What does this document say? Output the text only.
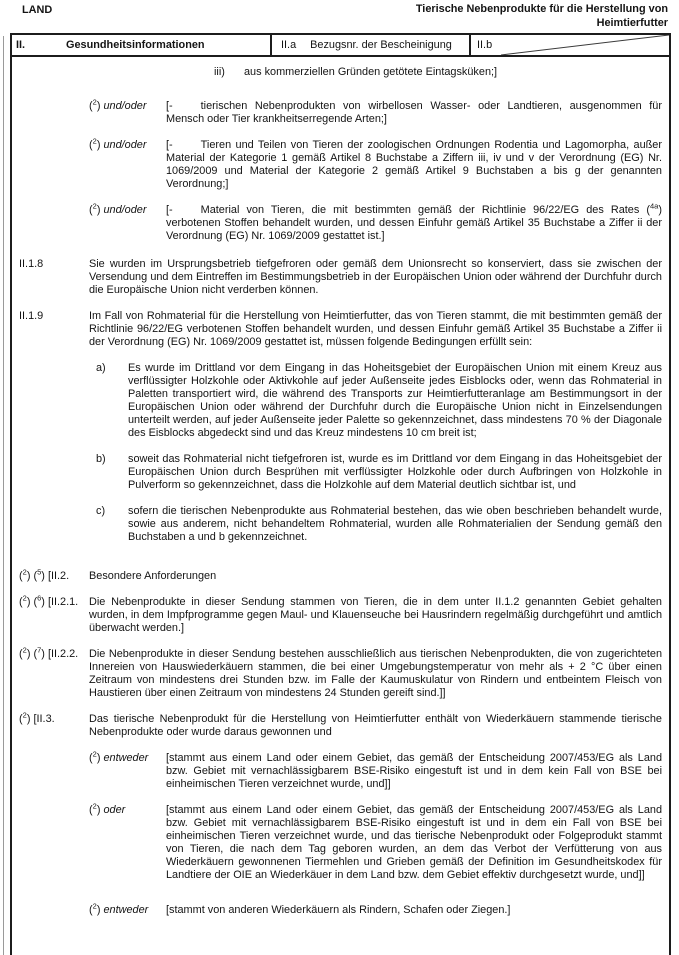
LAND	Tierische Nebenprodukte für die Herstellung von
Heimtierfutter
II.	Gesundheitsinformationen	II.a Bezugsnr. der Bescheinigung II.b
iii)	aus kommerziellen Gründen getötete Eintagsküken;]
($^2$) und/oder	[-	tierischen Nebenprodukten von wirbellosen Wasser- oder Landtieren, ausgenommen für Mensch oder Tier krankheitserregende Arten;]
($^2$) und/oder	[-	Tieren und Teilen von Tieren der zoologischen Ordnungen Rodentia und Lagomorpha, außer Material der Kategorie 1 gemäß Artikel 8 Buchstabe a Ziffern iii, iv und v der Verordnung (EG) Nr. 1069/2009 und Material der Kategorie 2 gemäß Artikel 9 Buchstaben a bis g der genannten Verordnung;]
($^2$) und/oder	[-	Material von Tieren, die mit bestimmten gemäß der Richtlinie 96/22/EG des Rates ($^{4a}$) verbotenen Stoffen behandelt wurden, und dessen Einfuhr gemäß Artikel 35 Buchstabe a Ziffer ii der Verordnung (EG) Nr. 1069/2009 gestattet ist.]
II.1.8	Sie wurden im Ursprungsbetrieb tiefgefroren oder gemäß dem Unionsrecht so konserviert, dass sie zwischen der Versendung und dem Eintreffen im Bestimmungsbetrieb in der Europäischen Union oder während der Durchfuhr durch die Europäische Union nicht verderben können.
II.1.9	Im Fall von Rohmaterial für die Herstellung von Heimtierfutter, das von Tieren stammt, die mit bestimmten gemäß der Richtlinie 96/22/EG verbotenen Stoffen behandelt wurden, und dessen Einfuhr gemäß Artikel 35 Buchstabe a Ziffer ii der Verordnung (EG) Nr. 1069/2009 gestattet ist, müssen folgende Bedingungen erfüllt sein:
a)	Es wurde im Drittland vor dem Eingang in das Hoheitsgebiet der Europäischen Union mit einem Kreuz aus verflüssigter Holzkohle oder Aktivkohle auf jeder Außenseite jedes Eisblocks oder, wenn das Rohmaterial in Paletten transportiert wird, die während des Transports zur Heimtierfutteranlage am Bestimmungsort in der Europäischen Union oder während der Durchfuhr durch die Europäische Union nicht in Einzelsendungen unterteilt werden, auf jeder Außenseite jeder Palette so gekennzeichnet, dass mindestens 70 % der Diagonale des Eisblocks abgedeckt sind und das Kreuz mindestens 10 cm breit ist;
b)	soweit das Rohmaterial nicht tiefgefroren ist, wurde es im Drittland vor dem Eingang in das Hoheitsgebiet der Europäischen Union durch Besprühen mit verflüssigter Holzkohle oder durch Aufbringen von Holzkohle in Pulverform so gekennzeichnet, dass die Holzkohle auf dem Material deutlich sichtbar ist, und
c)	sofern die tierischen Nebenprodukte aus Rohmaterial bestehen, das wie oben beschrieben behandelt wurde, sowie aus anderem, nicht behandeltem Rohmaterial, wurden alle Rohmaterialien der Sendung gemäß den Buchstaben a und b gekennzeichnet.
($^2$) ($^5$) [II.2.	Besondere Anforderungen
($^2$) ($^6$) [II.2.1. Die Nebenprodukte in dieser Sendung stammen von Tieren, die in dem unter II.1.2 genannten Gebiet gehalten wurden, in dem Impfprogramme gegen Maul- und Klauenseuche bei Hausrindern regelmäßig durchgeführt und amtlich überwacht werden.]
($^2$) ($^7$) [II.2.2. Die Nebenprodukte in dieser Sendung bestehen ausschließlich aus tierischen Nebenprodukten, die von zugerichteten Innereien von Hauswiederkäuern stammen, die bei einer Umgebungstemperatur von mehr als + 2 °C über einen Zeitraum von mindestens drei Stunden bzw. im Falle der Kaumuskulatur von Rindern und entbeintem Fleisch von Haustieren über einen Zeitraum von mindestens 24 Stunden gereift sind.]]
($^2$) [II.3.	Das tierische Nebenprodukt für die Herstellung von Heimtierfutter enthält von Wiederkäuern stammende tierische Nebenprodukte oder wurde daraus gewonnen und
($^2$) entweder	[stammt aus einem Land oder einem Gebiet, das gemäß der Entscheidung 2007/453/EG als Land bzw. Gebiet mit vernachlässigbarem BSE-Risiko eingestuft ist und in dem kein Fall von BSE bei einheimischen Tieren verzeichnet wurde, und]]
($^2$) oder	[stammt aus einem Land oder einem Gebiet, das gemäß der Entscheidung 2007/453/EG als Land bzw. Gebiet mit vernachlässigbarem BSE-Risiko eingestuft ist und in dem ein Fall von BSE bei einheimischen Tieren verzeichnet wurde, und das tierische Nebenprodukt oder Folgeprodukt stammt von Tieren, die nach dem Tag geboren wurden, an dem das Verbot der Verfütterung von aus Wiederkäuern gewonnenen Tiermehlen und Grieben gemäß der Definition im Gesundheitskodex für Landtiere der OIE an Wiederkäuer in dem Land bzw. dem Gebiet effektiv durchgesetzt wurde, und]]
($^2$) entweder	[stammt von anderen Wiederkäuern als Rindern, Schafen oder Ziegen.]
